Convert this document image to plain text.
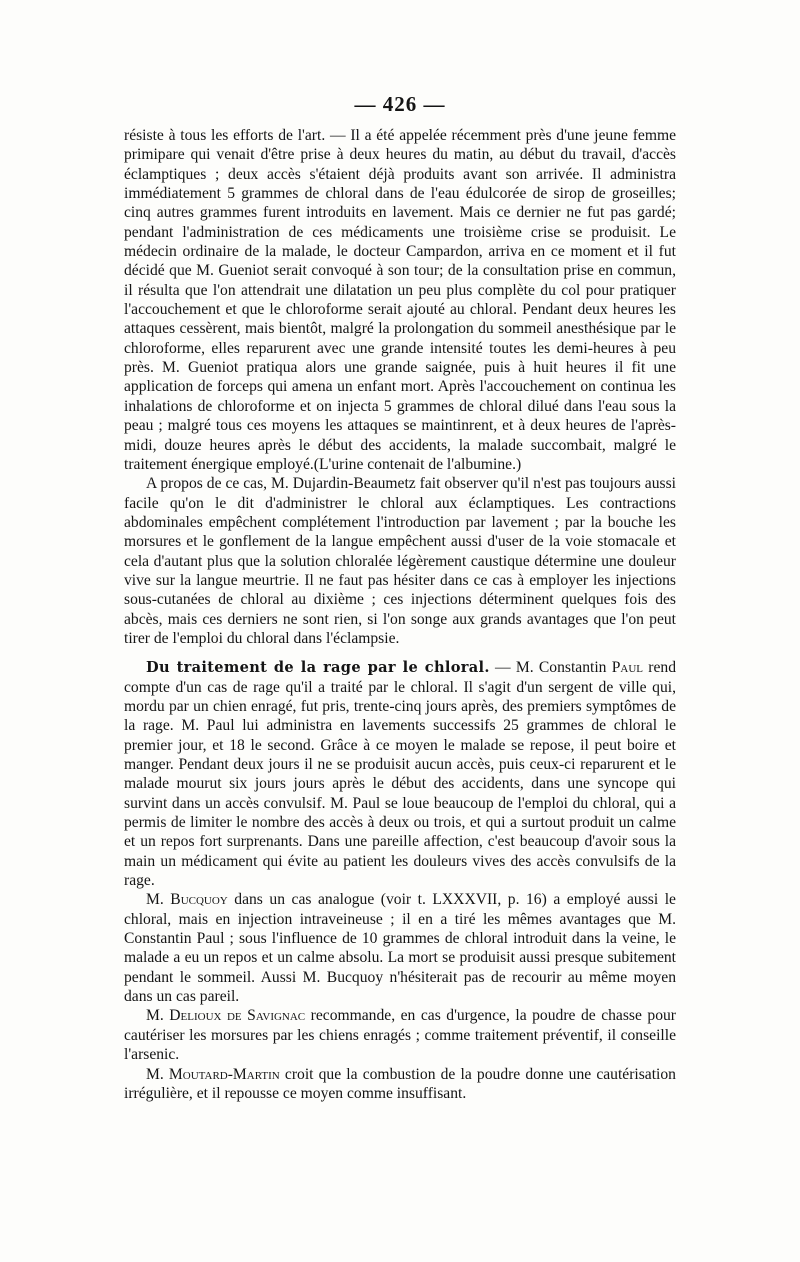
— 426 —

résiste à tous les efforts de l'art. — Il a été appelée récemment près d'une jeune femme primipare qui venait d'être prise à deux heures du matin, au début du travail, d'accès éclamptiques ; deux accès s'étaient déjà produits avant son arrivée. Il administra immédiatement 5 grammes de chloral dans de l'eau édulcorée de sirop de groseilles; cinq autres grammes furent introduits en lavement. Mais ce dernier ne fut pas gardé; pendant l'administration de ces médicaments une troisième crise se produisit. Le médecin ordinaire de la malade, le docteur Campardon, arriva en ce moment et il fut décidé que M. Gueniot serait convoqué à son tour; de la consultation prise en commun, il résulta que l'on attendrait une dilatation un peu plus complète du col pour pratiquer l'accouchement et que le chloroforme serait ajouté au chloral. Pendant deux heures les attaques cessèrent, mais bientôt, malgré la prolongation du sommeil anesthésique par le chloroforme, elles reparurent avec une grande intensité toutes les demi-heures à peu près. M. Gueniot pratiqua alors une grande saignée, puis à huit heures il fit une application de forceps qui amena un enfant mort. Après l'accouchement on continua les inhalations de chloroforme et on injecta 5 grammes de chloral dilué dans l'eau sous la peau ; malgré tous ces moyens les attaques se maintinrent, et à deux heures de l'après-midi, douze heures après le début des accidents, la malade succombait, malgré le traitement énergique employé.(L'urine contenait de l'albumine.)

A propos de ce cas, M. Dujardin-Beaumetz fait observer qu'il n'est pas toujours aussi facile qu'on le dit d'administrer le chloral aux éclamptiques. Les contractions abdominales empêchent complétement l'introduction par lavement ; par la bouche les morsures et le gonflement de la langue empêchent aussi d'user de la voie stomacale et cela d'autant plus que la solution chloralée légèrement caustique détermine une douleur vive sur la langue meurtrie. Il ne faut pas hésiter dans ce cas à employer les injections sous-cutanées de chloral au dixième ; ces injections déterminent quelques fois des abcès, mais ces derniers ne sont rien, si l'on songe aux grands avantages que l'on peut tirer de l'emploi du chloral dans l'éclampsie.

Du traitement de la rage par le chloral. — M. Constantin Paul rend compte d'un cas de rage qu'il a traité par le chloral. Il s'agit d'un sergent de ville qui, mordu par un chien enragé, fut pris, trente-cinq jours après, des premiers symptômes de la rage. M. Paul lui administra en lavements successifs 25 grammes de chloral le premier jour, et 18 le second. Grâce à ce moyen le malade se repose, il peut boire et manger. Pendant deux jours il ne se produisit aucun accès, puis ceux-ci reparurent et le malade mourut six jours jours après le début des accidents, dans une syncope qui survint dans un accès convulsif. M. Paul se loue beaucoup de l'emploi du chloral, qui a permis de limiter le nombre des accès à deux ou trois, et qui a surtout produit un calme et un repos fort surprenants. Dans une pareille affection, c'est beaucoup d'avoir sous la main un médicament qui évite au patient les douleurs vives des accès convulsifs de la rage.

M. Bucquoy dans un cas analogue (voir t. LXXXVII, p. 16) a employé aussi le chloral, mais en injection intraveineuse ; il en a tiré les mêmes avantages que M. Constantin Paul ; sous l'influence de 10 grammes de chloral introduit dans la veine, le malade a eu un repos et un calme absolu. La mort se produisit aussi presque subitement pendant le sommeil. Aussi M. Bucquoy n'hésiterait pas de recourir au même moyen dans un cas pareil.

M. Delioux de Savignac recommande, en cas d'urgence, la poudre de chasse pour cautériser les morsures par les chiens enragés ; comme traitement préventif, il conseille l'arsenic.

M. Moutard-Martin croit que la combustion de la poudre donne une cautérisation irrégulière, et il repousse ce moyen comme insuffisant.
